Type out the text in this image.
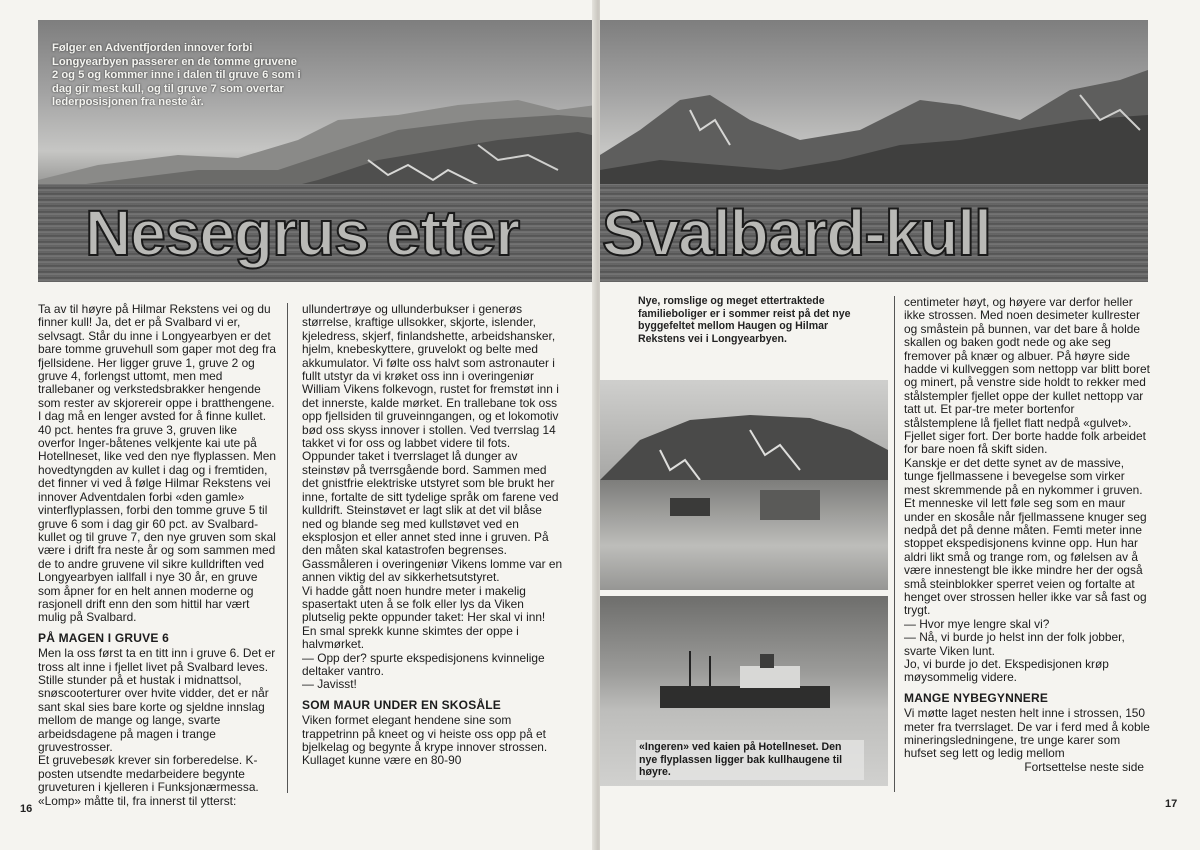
Følger en Adventfjorden innover forbi Longyearbyen passerer en de tomme gruvene 2 og 5 og kommer inne i dalen til gruve 6 som i dag gir mest kull, og til gruve 7 som overtar lederposisjonen fra neste år.
Nesegrus etter

Ta av til høyre på Hilmar Rekstens vei og du finner kull! Ja, det er på Svalbard vi er, selvsagt. Står du inne i Longyearbyen er det bare tomme gruvehull som gaper mot deg fra fjellsidene. Her ligger gruve 1, gruve 2 og gruve 4, forlengst uttomt, men med trallebaner og verkstedsbrakker hengende som rester av skjorereir oppe i bratthengene. I dag må en lenger avsted for å finne kullet. 40 pct. hentes fra gruve 3, gruven like overfor Inger-båtenes velkjente kai ute på Hotellneset, like ved den nye flyplassen. Men hovedtyngden av kullet i dag og i fremtiden, det finner vi ved å følge Hilmar Rekstens vei innover Adventdalen forbi «den gamle» vinterflyplassen, forbi den tomme gruve 5 til gruve 6 som i dag gir 60 pct. av Svalbard-kullet og til gruve 7, den nye gruven som skal være i drift fra neste år og som sammen med de to andre gruvene vil sikre kulldriften ved Longyearbyen iallfall i nye 30 år, en gruve som åpner for en helt annen moderne og rasjonell drift enn den som hittil har vært mulig på Svalbard.

PÅ MAGEN I GRUVE 6

Men la oss først ta en titt inn i gruve 6. Det er tross alt inne i fjellet livet på Svalbard leves. Stille stunder på et hustak i midnattsol, snøscooterturer over hvite vidder, det er når sant skal sies bare korte og sjeldne innslag mellom de mange og lange, svarte arbeidsdagene på magen i trange gruvestrosser.

Et gruvebesøk krever sin forberedelse. K-posten utsendte medarbeidere begynte gruveturen i kjelleren i Funksjonærmessa. «Lomp» måtte til, fra innerst til ytterst:

ullundertrøye og ullunderbukser i generøs størrelse, kraftige ullsokker, skjorte, islender, kjeledress, skjerf, finlandshette, arbeidshansker, hjelm, knebeskyttere, gruvelokt og belte med akkumulator. Vi følte oss halvt som astronauter i fullt utstyr da vi krøket oss inn i overingeniør William Vikens folkevogn, rustet for fremstøt inn i det innerste, kalde mørket. En trallebane tok oss opp fjellsiden til gruveinngangen, og et lokomotiv bød oss skyss innover i stollen. Ved tverrslag 14 takket vi for oss og labbet videre til fots. Oppunder taket i tverrslaget lå dunger av steinstøv på tverrsgående bord. Sammen med det gnistfrie elektriske utstyret som ble brukt her inne, fortalte de sitt tydelige språk om farene ved kulldrift. Steinstøvet er lagt slik at det vil blåse ned og blande seg med kullstøvet ved en eksplosjon et eller annet sted inne i gruven. På den måten skal katastrofen begrenses. Gassmåleren i overingeniør Vikens lomme var en annen viktig del av sikkerhetsutstyret.

Vi hadde gått noen hundre meter i makelig spasertakt uten å se folk eller lys da Viken plutselig pekte oppunder taket: Her skal vi inn!

En smal sprekk kunne skimtes der oppe i halvmørket.

— Opp der? spurte ekspedisjonens kvinnelige deltaker vantro.

— Javisst!

SOM MAUR UNDER EN SKOSÅLE

Viken formet elegant hendene sine som trappetrinn på kneet og vi heiste oss opp på et bjelkelag og begynte å krype innover strossen. Kullaget kunne være en 80-90

16
Svalbard-kull
Nye, romslige og meget ettertraktede familieboliger er i sommer reist på det nye byggefeltet mellom Haugen og Hilmar Rekstens vei i Longyearbyen.
«Ingeren» ved kaien på Hotellneset. Den nye flyplassen ligger bak kullhaugene til høyre.

centimeter høyt, og høyere var derfor heller ikke strossen. Med noen desimeter kullrester og småstein på bunnen, var det bare å holde skallen og baken godt nede og ake seg fremover på knær og albuer. På høyre side hadde vi kullveggen som nettopp var blitt boret og minert, på venstre side holdt to rekker med stålstempler fjellet oppe der kullet nettopp var tatt ut. Et par-tre meter bortenfor stålstemplene lå fjellet flatt nedpå «gulvet». Fjellet siger fort. Der borte hadde folk arbeidet for bare noen få skift siden.

Kanskje er det dette synet av de massive, tunge fjellmassene i bevegelse som virker mest skremmende på en nykommer i gruven. Et menneske vil lett føle seg som en maur under en skosåle når fjellmassene knuger seg nedpå det på denne måten. Femti meter inne stoppet ekspedisjonens kvinne opp. Hun har aldri likt små og trange rom, og følelsen av å være innestengt ble ikke mindre her der også små steinblokker sperret veien og fortalte at henget over strossen heller ikke var så fast og trygt.

— Hvor mye lengre skal vi?

— Nå, vi burde jo helst inn der folk jobber, svarte Viken lunt.

Jo, vi burde jo det. Ekspedisjonen krøp møysommelig videre.

MANGE NYBEGYNNERE

Vi møtte laget nesten helt inne i strossen, 150 meter fra tverrslaget. De var i ferd med å koble mineringsledningene, tre unge karer som hufset seg lett og ledig mellom

Fortsettelse neste side

17
